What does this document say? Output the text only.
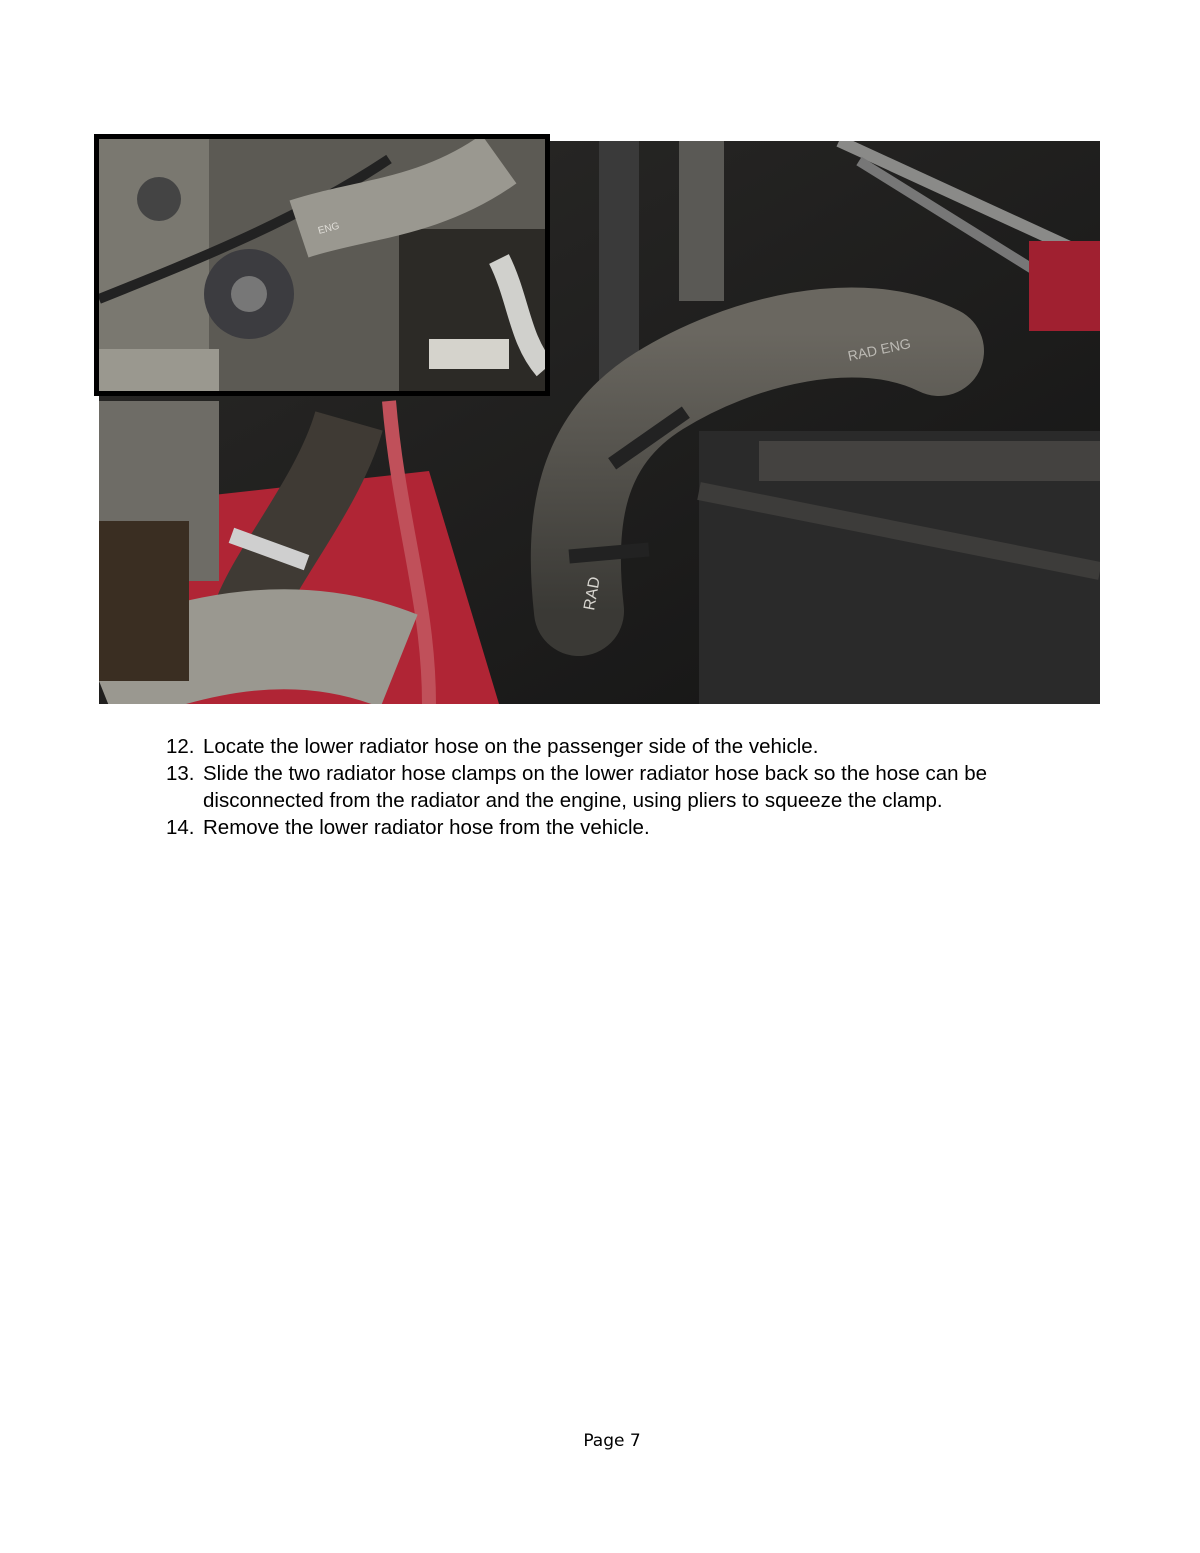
RAD
RAD ENG
ENG
12. Locate the lower radiator hose on the passenger side of the vehicle.
13. Slide the two radiator hose clamps on the lower radiator hose back so the hose can be disconnected from the radiator and the engine, using pliers to squeeze the clamp.
14. Remove the lower radiator hose from the vehicle.
Page 7
